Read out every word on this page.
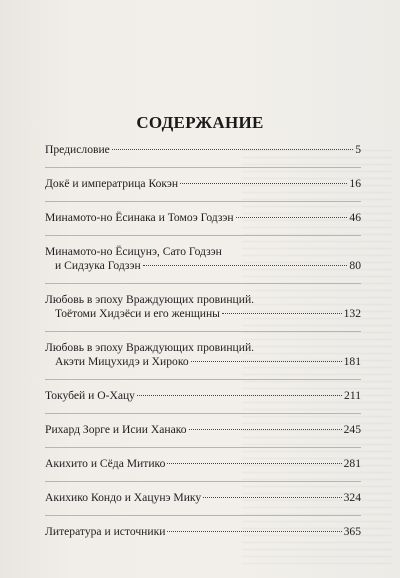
СОДЕРЖАНИЕ
Предисловие	5
Докё и императрица Кокэн	16
Минамото-но Ёсинака и Томоэ Годзэн	46
Минамото-но Ёсицунэ, Сато Годзэн
и Сидзука Годзэн	80
Любовь в эпоху Враждующих провинций.
Тоётоми Хидэёси и его женщины	132
Любовь в эпоху Враждующих провинций.
Акэти Мицухидэ и Хироко	181
Токубей и О-Хацу	211
Рихард Зорге и Исии Ханако	245
Акихито и Сёда Митико	281
Акихико Кондо и Хацунэ Мику	324
Литература и источники	365
